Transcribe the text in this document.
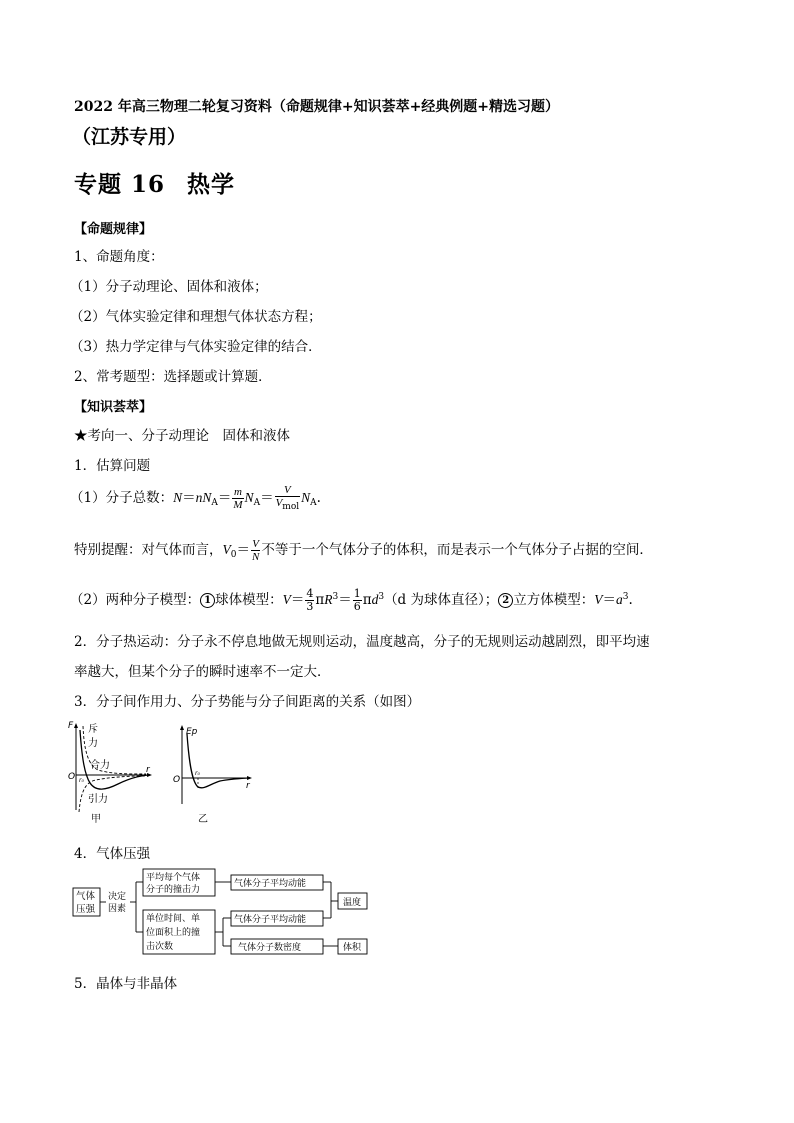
2022 年高三物理二轮复习资料（命题规律+知识荟萃+经典例题+精选习题）
（江苏专用）
专题 16 热学
【命题规律】
1、命题角度：
（1）分子动理论、固体和液体；
（2）气体实验定律和理想气体状态方程；
（3）热力学定律与气体实验定律的结合．
2、常考题型：选择题或计算题．
【知识荟萃】
★考向一、分子动理论　固体和液体
1．估算问题
（1）分子总数：$N=nN_A= \frac{m}{M} N_A= \frac{V}{V_{mol}} N_A$.
特别提醒：对气体而言，$V_0= \frac{V}{N}$ 不等于一个气体分子的体积，而是表示一个气体分子占据的空间．
（2）两种分子模型： 1 球体模型：$V= \frac{4}{3} \pi R^3= \frac{1}{6} \pi d^3(d$ 为球体直径）； 2 立方体模型：$V=a^3$.
2．分子热运动：分子永不停息地做无规则运动，温度越高，分子的无规则运动越剧烈，即平均速
率越大，但某个分子的瞬时速率不一定大．
3．分子间作用力、分子势能与分子间距离的关系（如图）
F
r
O r₀
斥
力
合力
引力
甲
Ep
r
O
r₀
乙
4．气体压强
气体
压强
决定
因素
平均每个气体
分子的撞击力
单位时间、单
位面积上的撞
击次数
气体分子平均动能
气体分子平均动能
气体分子数密度
温度
体积
5．晶体与非晶体
